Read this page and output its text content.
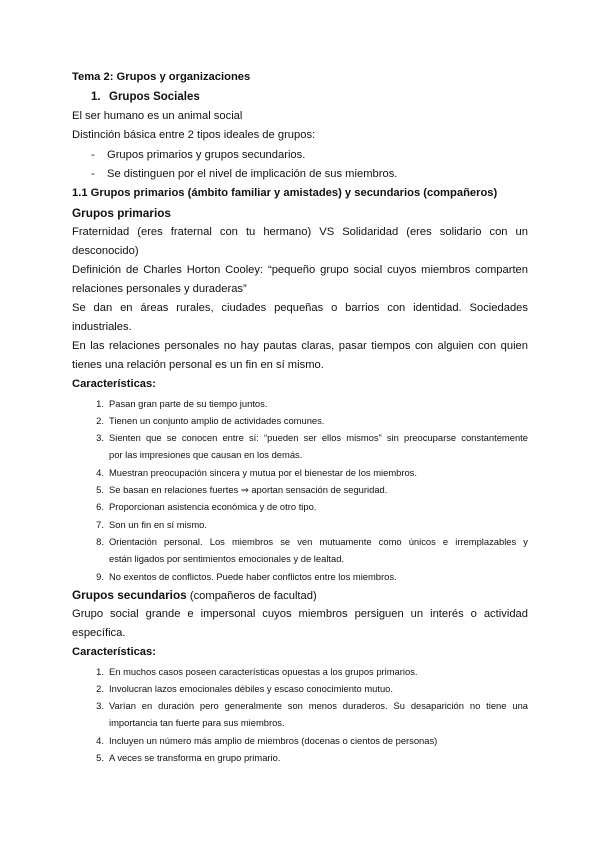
Tema 2: Grupos y organizaciones
1. Grupos Sociales
El ser humano es un animal social
Distinción básica entre 2 tipos ideales de grupos:
- Grupos primarios y grupos secundarios.
- Se distinguen por el nivel de implicación de sus miembros.
1.1 Grupos primarios (ámbito familiar y amistades) y secundarios (compañeros)
Grupos primarios
Fraternidad (eres fraternal con tu hermano) VS Solidaridad (eres solidario con un
desconocido)
Definición de Charles Horton Cooley: “pequeño grupo social cuyos miembros comparten
relaciones personales y duraderas”
Se dan en áreas rurales, ciudades pequeñas o barrios con identidad. Sociedades
industriales.
En las relaciones personales no hay pautas claras, pasar tiempos con alguien con quien
tienes una relación personal es un fin en sí mismo.
Características:
1. Pasan gran parte de su tiempo juntos.
2. Tienen un conjunto amplio de actividades comunes.
3. Sienten que se conocen entre sí: “pueden ser ellos mismos” sin preocuparse constantemente
por las impresiones que causan en los demás.
4. Muestran preocupación sincera y mutua por el bienestar de los miembros.
5. Se basan en relaciones fuertes ⇒ aportan sensación de seguridad.
6. Proporcionan asistencia económica y de otro tipo.
7. Son un fin en sí mismo.
8. Orientación personal. Los miembros se ven mutuamente como únicos e irremplazables y
están ligados por sentimientos emocionales y de lealtad.
9. No exentos de conflictos. Puede haber conflictos entre los miembros.
Grupos secundarios (compañeros de facultad)
Grupo social grande e impersonal cuyos miembros persiguen un interés o actividad
específica.
Características:
1. En muchos casos poseen características opuestas a los grupos primarios.
2. Involucran lazos emocionales débiles y escaso conocimiento mutuo.
3. Varían en duración pero generalmente son menos duraderos. Su desaparición no tiene una
importancia tan fuerte para sus miembros.
4. Incluyen un número más amplio de miembros (docenas o cientos de personas)
5. A veces se transforma en grupo primario.
